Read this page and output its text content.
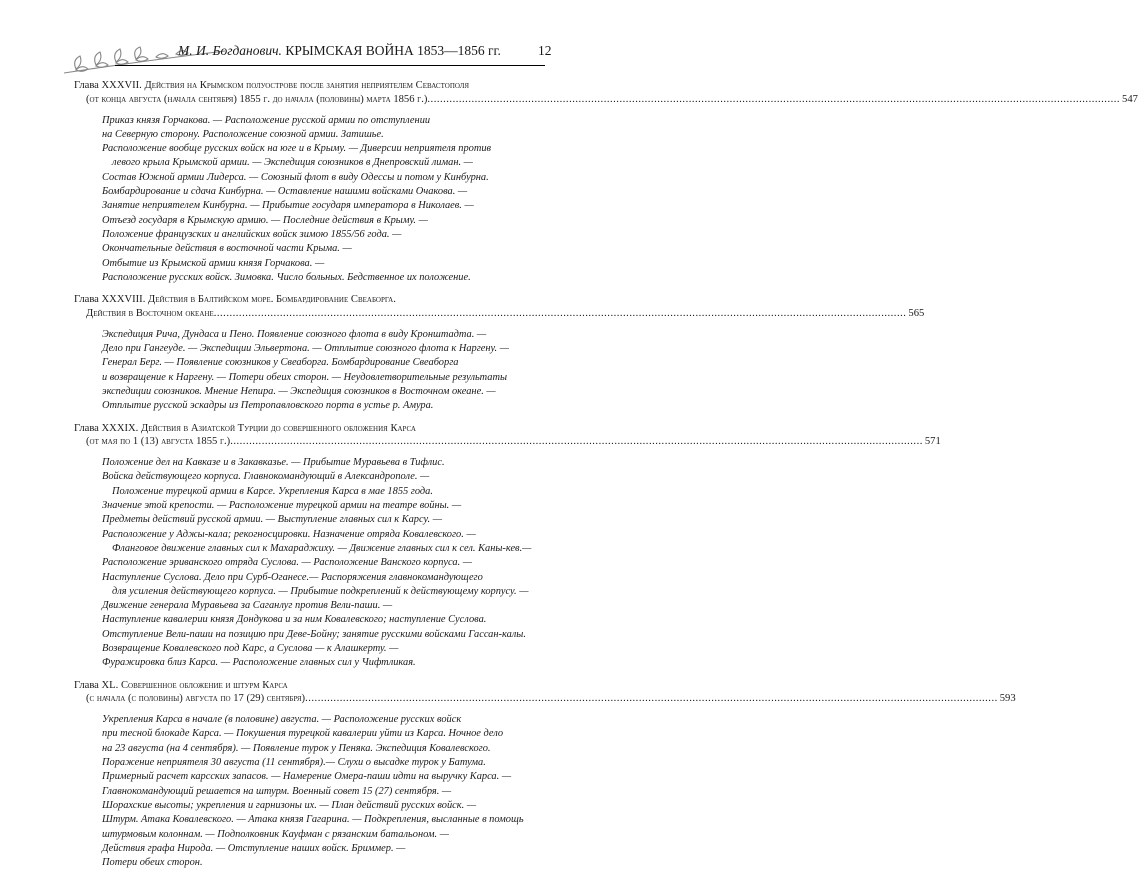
М. И. Богданович. КРЫМСКАЯ ВОЙНА 1853—1856 гг.	12
Глава XXXVII. Действия на Крымском полуострове после занятия неприятелем Севастополя
(от конца августа (начала сентября) 1855 г. до начала (половины) марта 1856 г.) ............................................................................................................................................................................................................................ 547
Приказ князя Горчакова. — Расположение русской армии по отступлении
на Северную сторону. Расположение союзной армии. Затишье.
Расположение вообще русских войск на юге и в Крыму. — Диверсии неприятеля против
левого крыла Крымской армии. — Экспедиция союзников в Днепровский лиман. —
Состав Южной армии Лидерса. — Союзный флот в виду Одессы и потом у Кинбурна.
Бомбардирование и сдача Кинбурна. — Оставление нашими войсками Очакова. —
Занятие неприятелем Кинбурна. — Прибытие государя императора в Николаев. —
Отъезд государя в Крымскую армию. — Последние действия в Крыму. —
Положение французских и английских войск зимою 1855/56 года. —
Окончательные действия в восточной части Крыма. —
Отбытие из Крымской армии князя Горчакова. —
Расположение русских войск. Зимовка. Число больных. Бедственное их положение.
Глава XXXVIII. Действия в Балтийском море. Бомбардирование Свеаборга.
Действия в Восточном океане ............................................................................................................................................................................................................................ 565
Экспедиция Рича, Дундаса и Пено. Появление союзного флота в виду Кронштадта. —
Дело при Гангеуде. — Экспедиции Эльвертона. — Отплытие союзного флота к Наргену. —
Генерал Берг. — Появление союзников у Свеаборга. Бомбардирование Свеаборга
и возвращение к Наргену. — Потери обеих сторон. — Неудовлетворительные результаты
экспедиции союзников. Мнение Непира. — Экспедиция союзников в Восточном океане. —
Отплытие русской эскадры из Петропавловского порта в устье р. Амура.
Глава XXXIX. Действия в Азиатской Турции до совершенного обложения Карса
(от мая по 1 (13) августа 1855 г.) ............................................................................................................................................................................................................................ 571
Положение дел на Кавказе и в Закавказье. — Прибытие Муравьева в Тифлис.
Войска действующего корпуса. Главнокомандующий в Александрополе. —
Положение турецкой армии в Карсе. Укрепления Карса в мае 1855 года.
Значение этой крепости. — Расположение турецкой армии на театре войны. —
Предметы действий русской армии. — Выступление главных сил к Карсу. —
Расположение у Аджы-кала; рекогносцировки. Назначение отряда Ковалевского. —
Фланговое движение главных сил к Махараджиху. — Движение главных сил к сел. Каны-кев.—
Расположение эриванского отряда Суслова. — Расположение Ванского корпуса. —
Наступление Суслова. Дело при Сурб-Оганесе.— Распоряжения главнокомандующего
для усиления действующего корпуса. — Прибытие подкреплений к действующему корпусу. —
Движение генерала Муравьева за Саганлуг против Вели-паши. —
Наступление кавалерии князя Дондукова и за ним Ковалевского; наступление Суслова.
Отступление Вели-паши на позицию при Деве-Бойну; занятие русскими войсками Гассан-калы.
Возвращение Ковалевского под Карс, а Суслова — к Алашкерту. —
Фуражировка близ Карса. — Расположение главных сил у Чифтликая.
Глава XL. Совершенное обложение и штурм Карса
(с начала (с половины) августа по 17 (29) сентября) ............................................................................................................................................................................................................................ 593
Укрепления Карса в начале (в половине) августа. — Расположение русских войск
при тесной блокаде Карса. — Покушения турецкой кавалерии уйти из Карса. Ночное дело
на 23 августа (на 4 сентября). — Появление турок у Пеняка. Экспедиция Ковалевского.
Поражение неприятеля 30 августа (11 сентября).— Слухи о высадке турок у Батума.
Примерный расчет карсских запасов. — Намерение Омера-паши идти на выручку Карса. —
Главнокомандующий решается на штурм. Военный совет 15 (27) сентября. —
Шорахские высоты; укрепления и гарнизоны их. — План действий русских войск. —
Штурм. Атака Ковалевского. — Атака князя Гагарина. — Подкрепления, высланные в помощь
штурмовым колоннам. — Подполковник Кауфман с рязанским батальоном. —
Действия графа Нирода. — Отступление наших войск. Бриммер. —
Потери обеих сторон.
